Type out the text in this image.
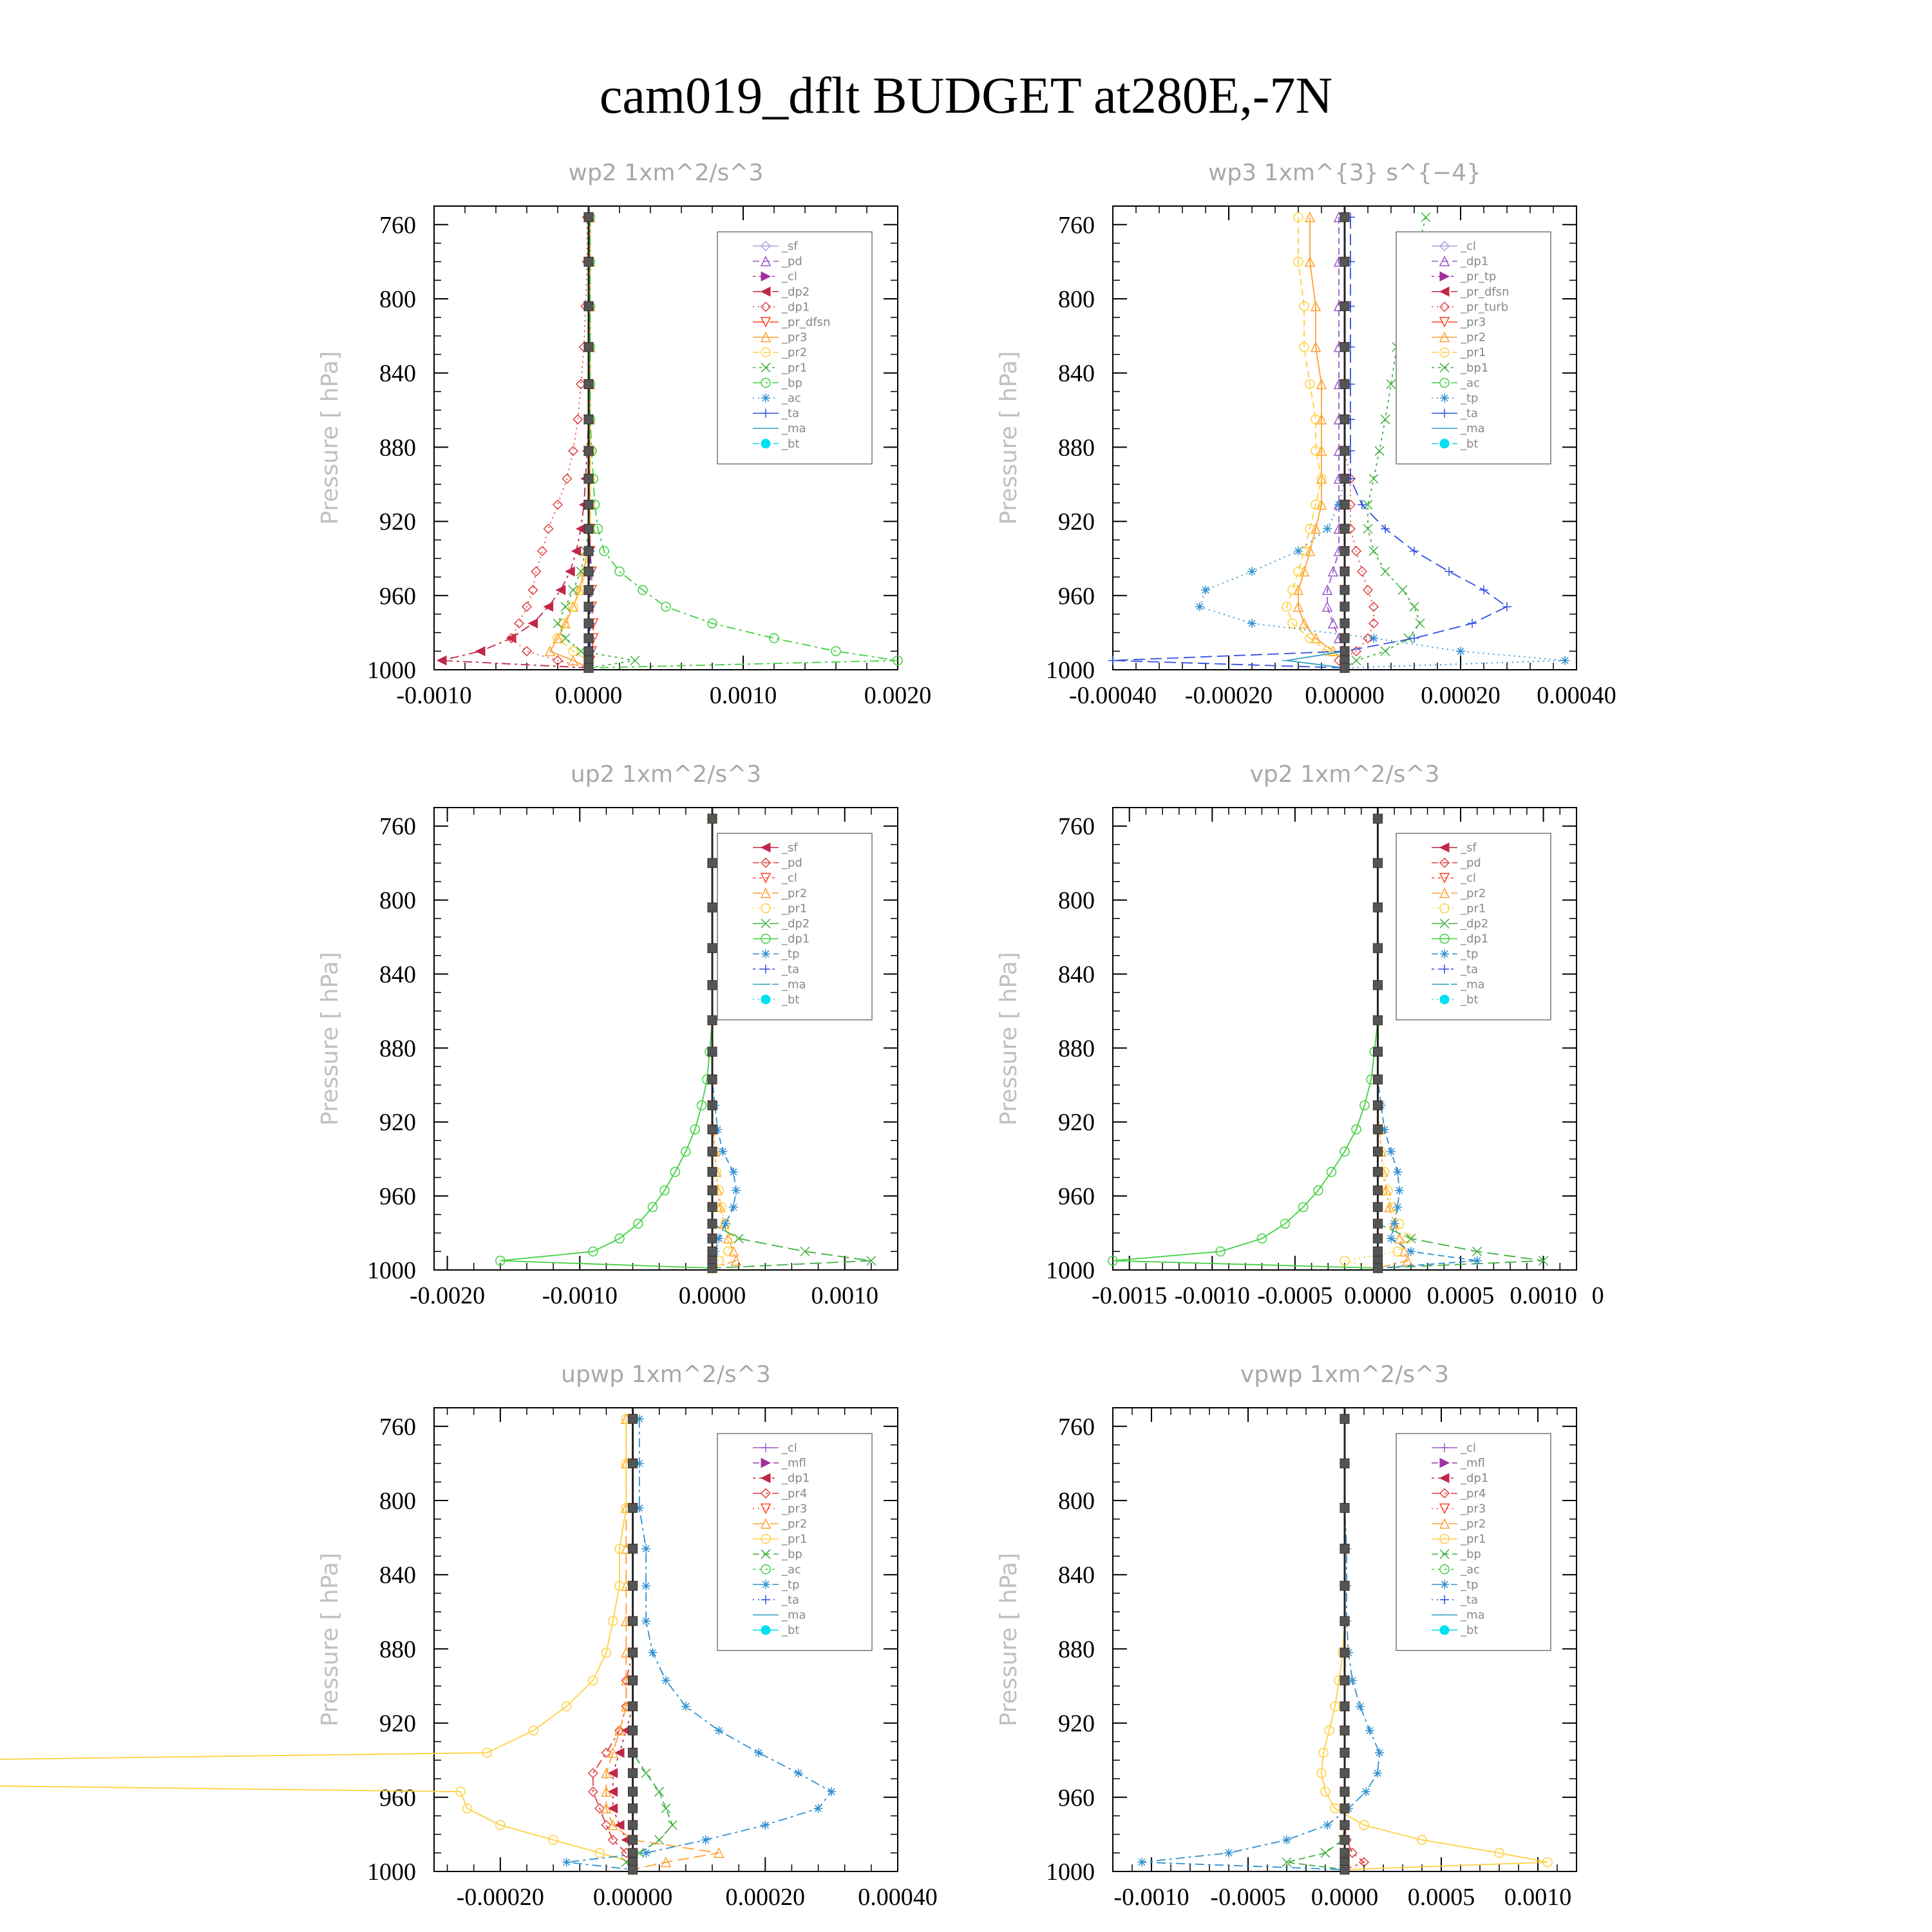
cam019_dflt BUDGET at280E,-7N
wp2 1xm^2/s^3
Pressure [ hPa]
760
800
840
880
920
960
1000
-0.0010	0.0000	0.0010	0.0020
_sf
_pd
_cl
_dp2
_dp1
_pr_dfsn
_pr3
_pr2
_pr1
_bp
_ac
_ta
_ma
_bt
wp3 1xm^{3} s^{−4}
Pressure [ hPa]
760
800
840
880
920
960
1000
-0.00040 -0.00020 0.00000 0.00020 0.00040
_cl
_dp1
_pr_tp
_pr_dfsn
_pr_turb
_pr3
_pr2
_pr1
_bp1
_ac
_tp
_ta
_ma
_bt
up2 1xm^2/s^3
Pressure [ hPa]
760
800
840
880
920
960
1000
-0.0020 -0.0010 0.0000	0.0010
_sf
_pd
_cl
_pr2
_pr1
_dp2
_dp1
_tp
_ta
_ma
_bt
vp2 1xm^2/s^3
Pressure [ hPa]
760
800
840
880
920
960
1000
-0.0015 -0.0010 -0.0005 0.0000 0.0005 0.0010 0
_sf
_pd
_cl
_pr2
_pr1
_dp2
_dp1
_tp
_ta
_ma
_bt
upwp 1xm^2/s^3
Pressure [ hPa]
760
800
840
880
920
960
1000
-0.00020 0.00000 0.00020 0.00040
_cl
_mfl
_dp1
_pr4
_pr3
_pr2
_pr1
_bp
_ac
_tp
_ta
_ma
_bt
vpwp 1xm^2/s^3
Pressure [ hPa]
760
800
840
880
920
960
1000
-0.0010 -0.0005 0.0000 0.0005 0.0010
_cl
_mfl
_dp1
_pr4
_pr3
_pr2
_pr1
_bp
_ac
_tp
_ta
_ma
_bt
